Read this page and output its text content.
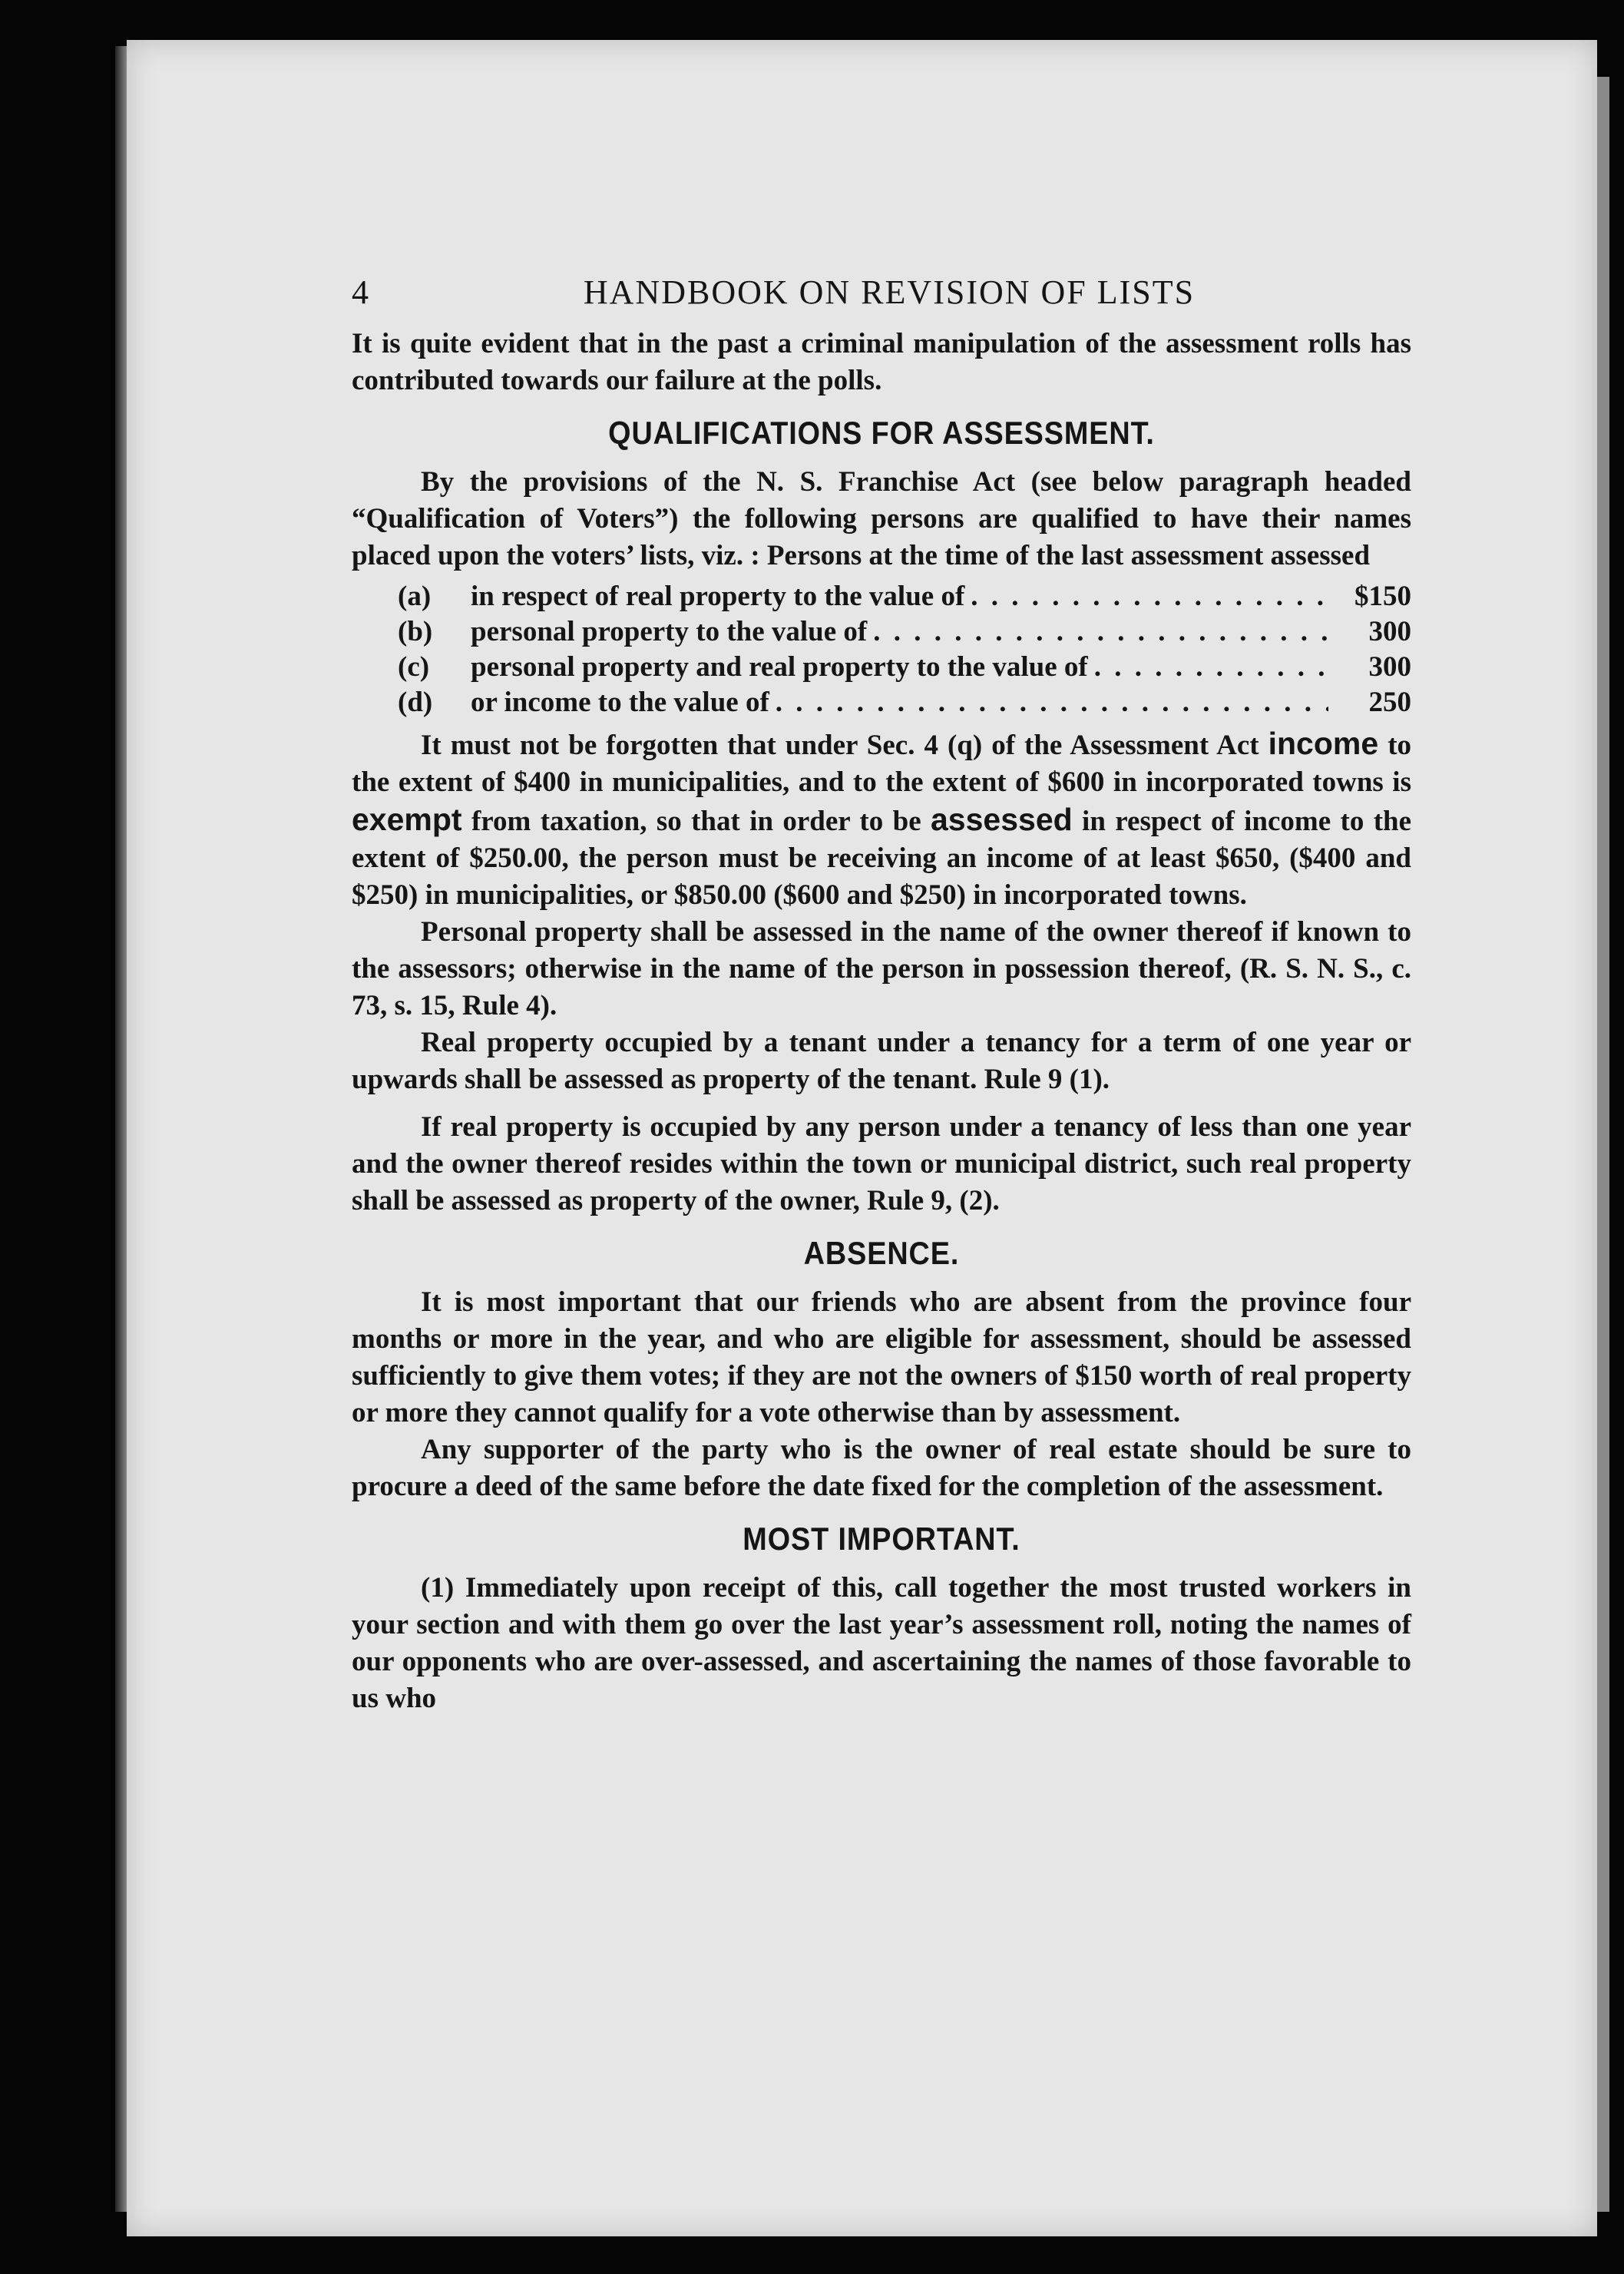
4	HANDBOOK ON REVISION OF LISTS

It is quite evident that in the past a criminal manipulation of the assessment rolls has contributed towards our failure at the polls.

QUALIFICATIONS FOR ASSESSMENT.

By the provisions of the N. S. Franchise Act (see below paragraph headed “Qualification of Voters”) the following persons are qualified to have their names placed upon the voters’ lists, viz. : Persons at the time of the last assessment assessed

(a)	in respect of real property to the value of . . .	$150
(b)	personal property to the value of . . .	300
(c)	personal property and real property to the value of . . .	300
(d)	or income to the value of . . .	250

It must not be forgotten that under Sec. 4 (q) of the Assessment Act income to the extent of $400 in municipalities, and to the extent of $600 in incorporated towns is exempt from taxation, so that in order to be assessed in respect of income to the extent of $250.00, the person must be receiving an income of at least $650, ($400 and $250) in municipalities, or $850.00 ($600 and $250) in incorporated towns.

Personal property shall be assessed in the name of the owner thereof if known to the assessors; otherwise in the name of the person in possession thereof, (R. S. N. S., c. 73, s. 15, Rule 4).

Real property occupied by a tenant under a tenancy for a term of one year or upwards shall be assessed as property of the tenant. Rule 9 (1).

If real property is occupied by any person under a tenancy of less than one year and the owner thereof resides within the town or municipal district, such real property shall be assessed as property of the owner, Rule 9, (2).

ABSENCE.

It is most important that our friends who are absent from the province four months or more in the year, and who are eligible for assessment, should be assessed sufficiently to give them votes; if they are not the owners of $150 worth of real property or more they cannot qualify for a vote otherwise than by assessment.

Any supporter of the party who is the owner of real estate should be sure to procure a deed of the same before the date fixed for the completion of the assessment.

MOST IMPORTANT.

(1) Immediately upon receipt of this, call together the most trusted workers in your section and with them go over the last year’s assessment roll, noting the names of our opponents who are over-assessed, and ascertaining the names of those favorable to us who
